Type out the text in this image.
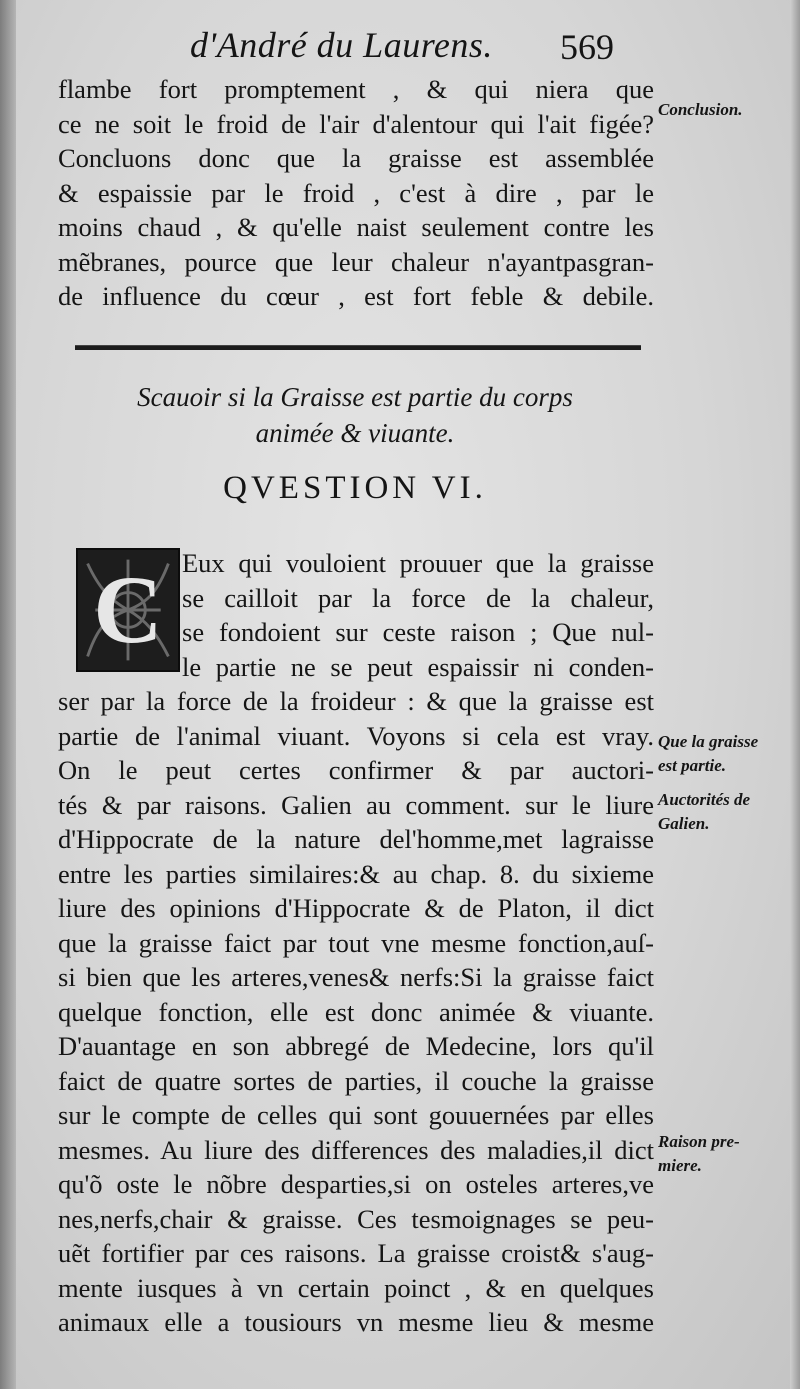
d'André du Laurens. 569
flambe fort promptement , & qui niera que
ce ne soit le froid de l'air d'alentour qui l'ait figée?
Concluons donc que la graisse est assemblée
& espaissie par le froid , c'est à dire , par le
moins chaud , & qu'elle naist seulement contre les
mẽbranes, pource que leur chaleur n'ayantpasgran-
de influence du cœur , est fort feble & debile.
Scauoir si la Graisse est partie du corps
animée & viuante.
QVESTION VI.
C Eux qui vouloient prouuer que la graisse
se cailloit par la force de la chaleur,
se fondoient sur ceste raison ; Que nul-
le partie ne se peut espaissir ni conden-
ser par la force de la froideur : & que la graisse est
partie de l'animal viuant. Voyons si cela est vray.
On le peut certes confirmer & par auctori-
tés & par raisons. Galien au comment. sur le liure
d'Hippocrate de la nature del'homme,met lagraisse
entre les parties similaires:& au chap. 8. du sixieme
liure des opinions d'Hippocrate & de Platon, il dict
que la graisse faict par tout vne mesme fonction,auſ-
si bien que les arteres,venes& nerfs:Si la graisse faict
quelque fonction, elle est donc animée & viuante.
D'auantage en son abbregé de Medecine, lors qu'il
faict de quatre sortes de parties, il couche la graisse
sur le compte de celles qui sont gouuernées par elles
mesmes. Au liure des differences des maladies,il dict
qu'õ oste le nõbre desparties,si on osteles arteres,ve
nes,nerfs,chair & graisse. Ces tesmoignages se peu-
uẽt fortifier par ces raisons. La graisse croist& s'aug-
mente iusques à vn certain poinct , & en quelques
animaux elle a tousiours vn mesme lieu & mesme
Conclusion.
Que la graisse
est partie.
Auctorités de
Galien.
Raison pre-
miere.
